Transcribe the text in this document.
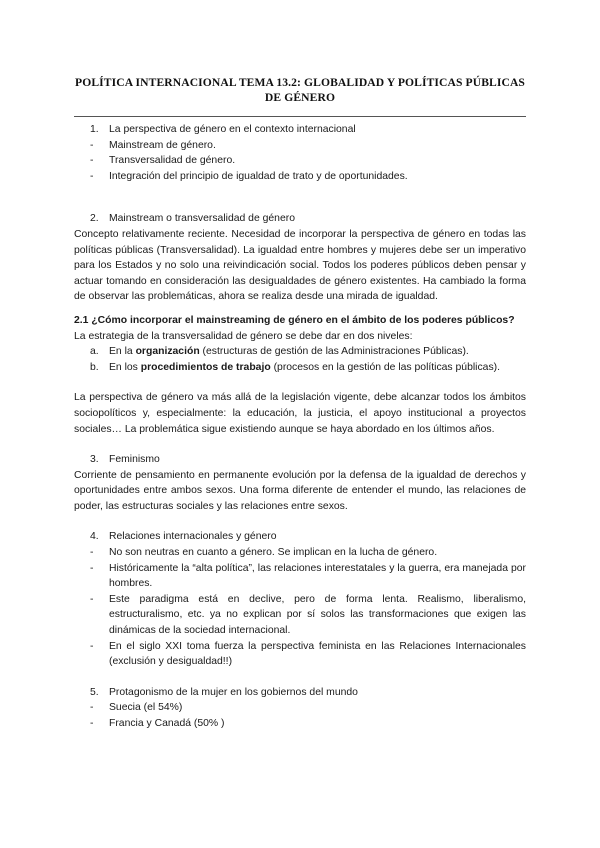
POLÍTICA INTERNACIONAL TEMA 13.2: GLOBALIDAD Y POLÍTICAS PÚBLICAS DE GÉNERO
1. La perspectiva de género en el contexto internacional
- Mainstream de género.
- Transversalidad de género.
- Integración del principio de igualdad de trato y de oportunidades.
2. Mainstream o transversalidad de género
Concepto relativamente reciente. Necesidad de incorporar la perspectiva de género en todas las políticas públicas (Transversalidad). La igualdad entre hombres y mujeres debe ser un imperativo para los Estados y no solo una reivindicación social. Todos los poderes públicos deben pensar y actuar tomando en consideración las desigualdades de género existentes. Ha cambiado la forma de observar las problemáticas, ahora se realiza desde una mirada de igualdad.
2.1 ¿Cómo incorporar el mainstreaming de género en el ámbito de los poderes públicos?
La estrategia de la transversalidad de género se debe dar en dos niveles:
a. En la organización (estructuras de gestión de las Administraciones Públicas).
b. En los procedimientos de trabajo (procesos en la gestión de las políticas públicas).
La perspectiva de género va más allá de la legislación vigente, debe alcanzar todos los ámbitos sociopolíticos y, especialmente: la educación, la justicia, el apoyo institucional a proyectos sociales… La problemática sigue existiendo aunque se haya abordado en los últimos años.
3. Feminismo
Corriente de pensamiento en permanente evolución por la defensa de la igualdad de derechos y oportunidades entre ambos sexos. Una forma diferente de entender el mundo, las relaciones de poder, las estructuras sociales y las relaciones entre sexos.
4. Relaciones internacionales y género
- No son neutras en cuanto a género. Se implican en la lucha de género.
- Históricamente la “alta política”, las relaciones interestatales y la guerra, era manejada por hombres.
- Este paradigma está en declive, pero de forma lenta. Realismo, liberalismo, estructuralismo, etc. ya no explican por sí solos las transformaciones que exigen las dinámicas de la sociedad internacional.
- En el siglo XXI toma fuerza la perspectiva feminista en las Relaciones Internacionales (exclusión y desigualdad!!)
5. Protagonismo de la mujer en los gobiernos del mundo
- Suecia (el 54%)
- Francia y Canadá (50% )
